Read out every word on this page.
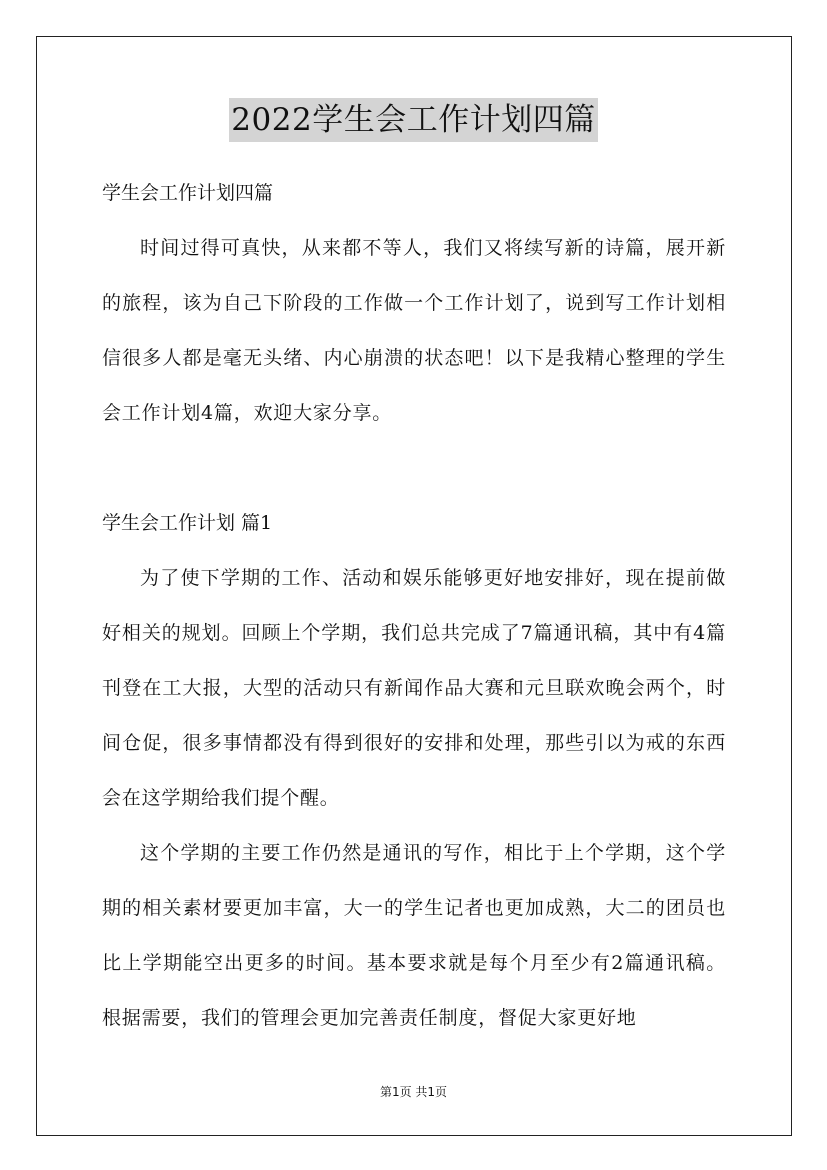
2022学生会工作计划四篇

学生会工作计划四篇

时间过得可真快，从来都不等人，我们又将续写新的诗篇，展开新的旅程，该为自己下阶段的工作做一个工作计划了，说到写工作计划相信很多人都是毫无头绪、内心崩溃的状态吧！以下是我精心整理的学生会工作计划4篇，欢迎大家分享。

学生会工作计划 篇1

为了使下学期的工作、活动和娱乐能够更好地安排好，现在提前做好相关的规划。回顾上个学期，我们总共完成了7篇通讯稿，其中有4篇刊登在工大报，大型的活动只有新闻作品大赛和元旦联欢晚会两个，时间仓促，很多事情都没有得到很好的安排和处理，那些引以为戒的东西会在这学期给我们提个醒。

这个学期的主要工作仍然是通讯的写作，相比于上个学期，这个学期的相关素材要更加丰富，大一的学生记者也更加成熟，大二的团员也比上学期能空出更多的时间。基本要求就是每个月至少有2篇通讯稿。根据需要，我们的管理会更加完善责任制度，督促大家更好地

第1页 共1页
